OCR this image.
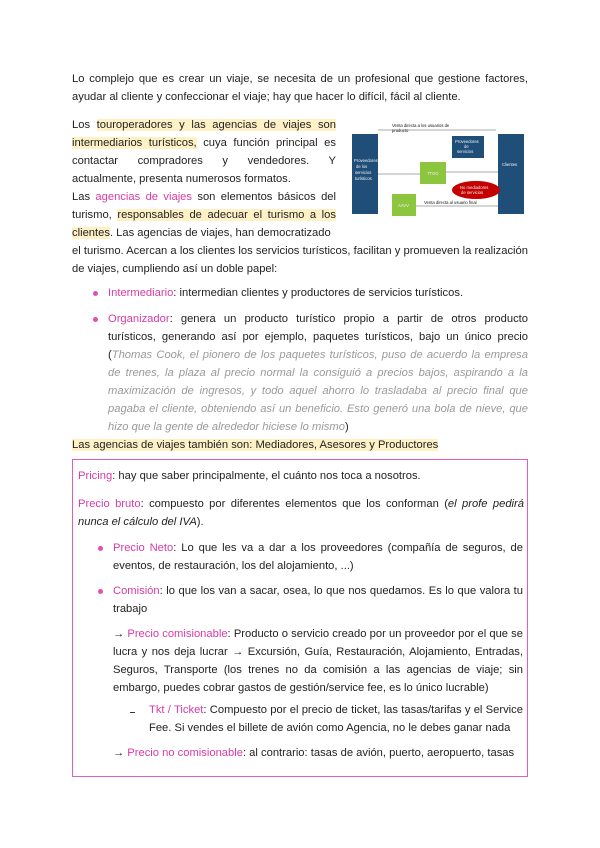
Lo complejo que es crear un viaje, se necesita de un profesional que gestione factores, ayudar al cliente y confeccionar el viaje; hay que hacer lo difícil, fácil al cliente.

Los touroperadores y las agencias de viajes son intermediarios turísticos, cuya función principal es contactar compradores y vendedores. Y actualmente, presenta numerosos formatos.

Proveedores
de los
servicios
turísticos
Clientes
Venta directa a los usuarios de
producto
Proveedores
de
servicios
TTOO
AAVV
No mediadores
de servicios
Venta directa al usuario final

Las agencias de viajes son elementos básicos del turismo, responsables de adecuar el turismo a los clientes. Las agencias de viajes, han democratizado

el turismo. Acercan a los clientes los servicios turísticos, facilitan y promueven la realización de viajes, cumpliendo así un doble papel:

Intermediario: intermedian clientes y productores de servicios turísticos.

Organizador: genera un producto turístico propio a partir de otros producto turísticos, generando así por ejemplo, paquetes turísticos, bajo un único precio (Thomas Cook, el pionero de los paquetes turísticos, puso de acuerdo la empresa de trenes, la plaza al precio normal la consiguió a precios bajos, aspirando a la maximización de ingresos, y todo aquel ahorro lo trasladaba al precio final que pagaba el cliente, obteniendo así un beneficio. Esto generó una bola de nieve, que hizo que la gente de alrededor hiciese lo mismo)

Las agencias de viajes también son: Mediadores, Asesores y Productores

Pricing: hay que saber principalmente, el cuánto nos toca a nosotros.

Precio bruto: compuesto por diferentes elementos que los conforman (el profe pedirá nunca el cálculo del IVA).

Precio Neto: Lo que les va a dar a los proveedores (compañía de seguros, de eventos, de restauración, los del alojamiento, ...)

Comisión: lo que los van a sacar, osea, lo que nos quedamos. Es lo que valora tu trabajo

→ Precio comisionable: Producto o servicio creado por un proveedor por el que se lucra y nos deja lucrar → Excursión, Guía, Restauración, Alojamiento, Entradas, Seguros, Transporte (los trenes no da comisión a las agencias de viaje; sin embargo, puedes cobrar gastos de gestión/service fee, es lo único lucrable)

Tkt / Ticket: Compuesto por el precio de ticket, las tasas/tarifas y el Service Fee. Si vendes el billete de avión como Agencia, no le debes ganar nada

→ Precio no comisionable: al contrario: tasas de avión, puerto, aeropuerto, tasas
